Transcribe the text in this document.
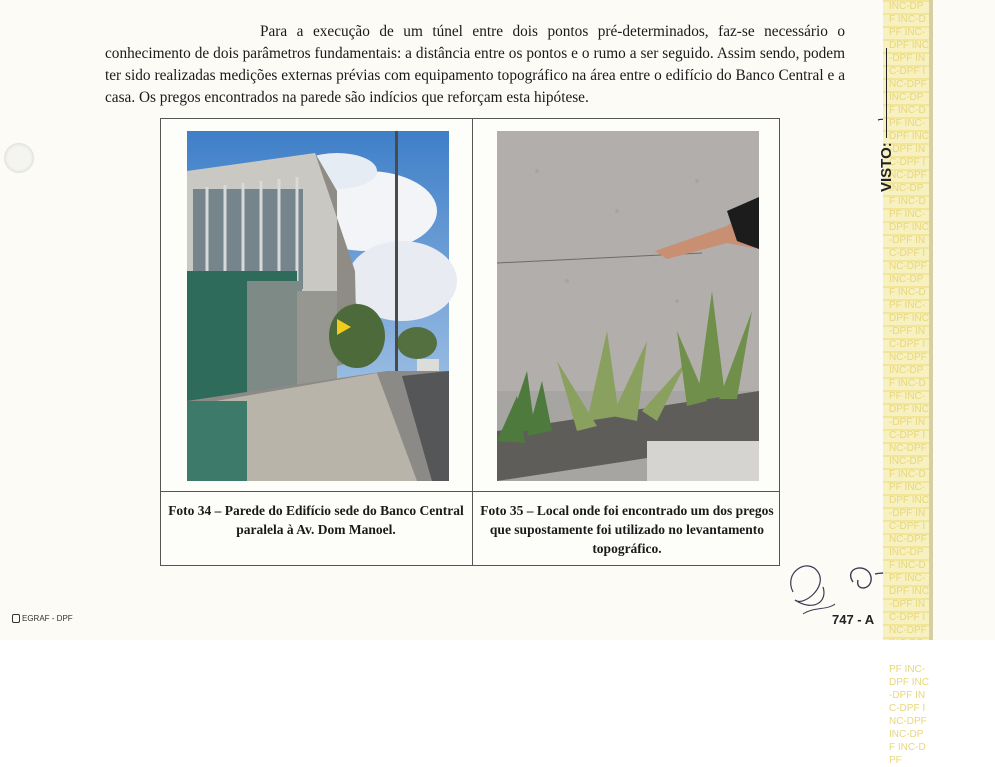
Para a execução de um túnel entre dois pontos pré-determinados, faz-se necessário o conhecimento de dois parâmetros fundamentais: a distância entre os pontos e o rumo a ser seguido. Assim sendo, podem ter sido realizadas medições externas prévias com equipamento topográfico na área entre o edifício do Banco Central e a casa. Os pregos encontrados na parede são indícios que reforçam esta hipótese.

Foto 34 – Parede do Edifício sede do Banco Central paralela à Av. Dom Manoel.
Foto 35 – Local onde foi encontrado um dos pregos que supostamente foi utilizado no levantamento topográfico.
INC-DPF INC-DPF INC-DPF INC-DPF INC-DPF INC-DPF INC-DPF INC-DPF INC-DPF INC-DPF INC-DPF INC-DPF INC-DPF INC-DPF INC-DPF INC-DPF INC-DPF INC-DPF INC-DPF INC-DPF INC-DPF INC-DPF INC-DPF INC-DPF INC-DPF INC-DPF INC-DPF INC-DPF INC-DPF INC-DPF INC-DPF INC-DPF INC-DPF INC-DPF INC-DPF INC-DPF INC-DPF INC-DPF INC-DPF INC-DPF INC-DPF INC-DPF PF INC-DPF INC-DPF INC-DPF INC-DPF INC-DPF INC-DPF
VISTO:
747 - A
EGRAF - DPF
